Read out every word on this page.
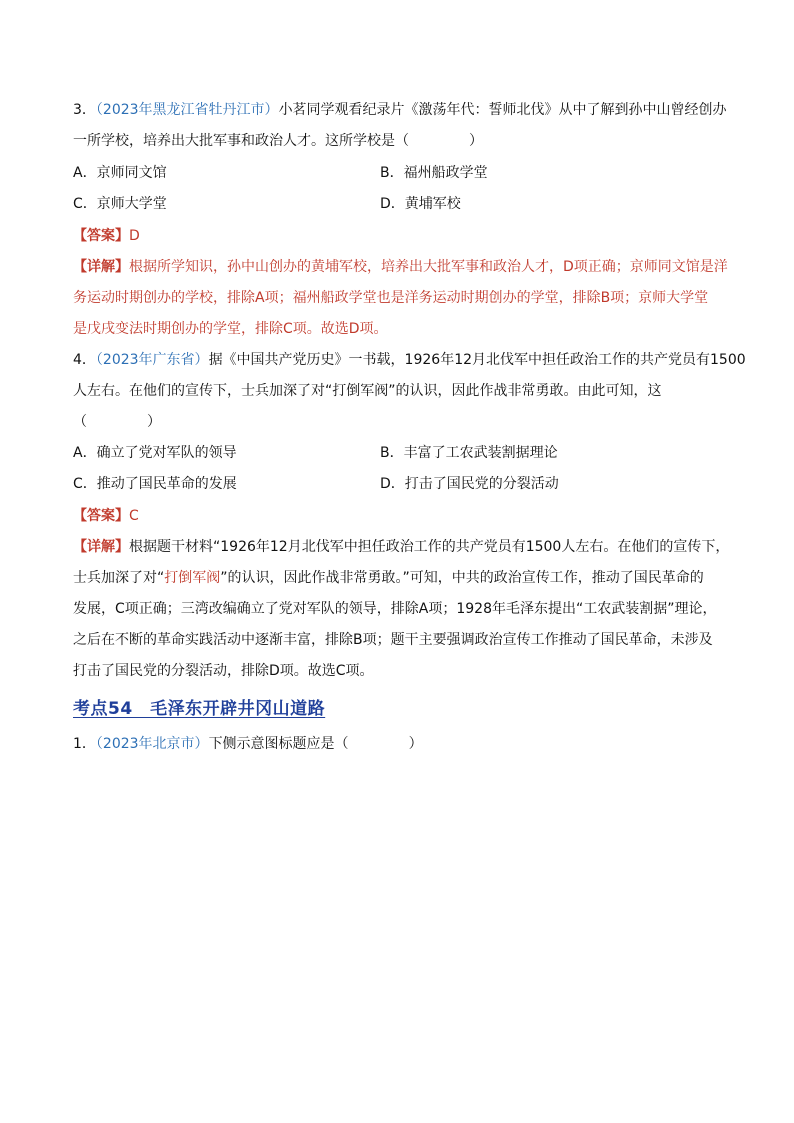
3．（2023年黑龙江省牡丹江市）小茗同学观看纪录片《激荡年代：誓师北伐》从中了解到孙中山曾经创办
一所学校，培养出大批军事和政治人才。这所学校是（	）
A．京师同文馆	B．福州船政学堂
C．京师大学堂	D．黄埔军校
【答案】D
【详解】根据所学知识，孙中山创办的黄埔军校，培养出大批军事和政治人才，D项正确；京师同文馆是洋
务运动时期创办的学校，排除A项；福州船政学堂也是洋务运动时期创办的学堂，排除B项；京师大学堂
是戊戌变法时期创办的学堂，排除C项。故选D项。
4．（2023年广东省）据《中国共产党历史》一书载，1926年12月北伐军中担任政治工作的共产党员有1500
人左右。在他们的宣传下，士兵加深了对“打倒军阀”的认识，因此作战非常勇敢。由此可知，这
（	）
A．确立了党对军队的领导	B．丰富了工农武装割据理论
C．推动了国民革命的发展	D．打击了国民党的分裂活动
【答案】C
【详解】根据题干材料“1926年12月北伐军中担任政治工作的共产党员有1500人左右。在他们的宣传下，
士兵加深了对“打倒军阀”的认识，因此作战非常勇敢。”可知，中共的政治宣传工作，推动了国民革命的
发展，C项正确；三湾改编确立了党对军队的领导，排除A项；1928年毛泽东提出“工农武装割据”理论，
之后在不断的革命实践活动中逐渐丰富，排除B项；题干主要强调政治宣传工作推动了国民革命，未涉及
打击了国民党的分裂活动，排除D项。故选C项。
考点54　毛泽东开辟井冈山道路
1．（2023年北京市）下侧示意图标题应是（	）
